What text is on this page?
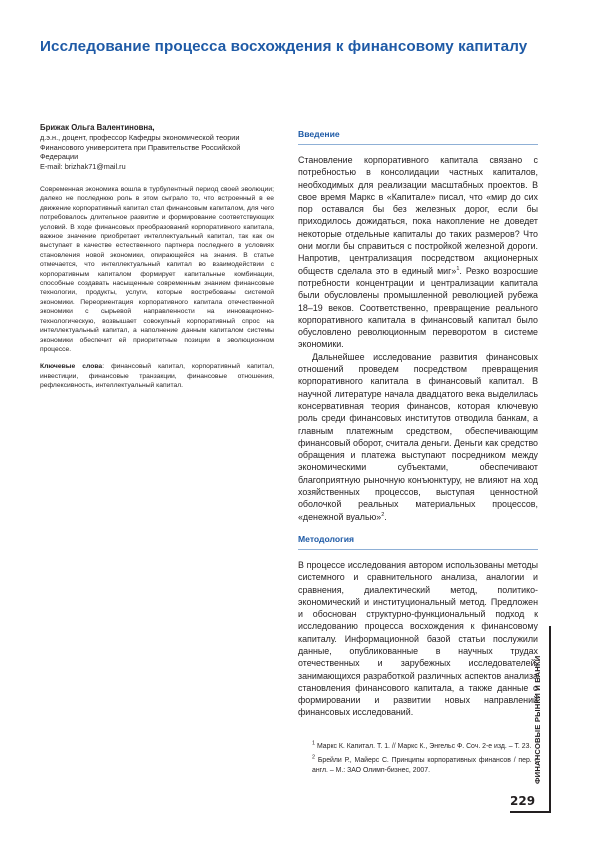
Исследование процесса восхождения к финансовому капиталу
Брижак Ольга Валентиновна,
д.э.н., доцент, профессор Кафедры экономической теории
Финансового университета при Правительстве Российской
Федерации
E-mail: brizhak71@mail.ru

Современная экономика вошла в турбулентный период своей эволюции; далеко не последнюю роль в этом сыграло то, что встроенный в ее движение корпоративный капитал стал финансовым капиталом, для чего потребовалось длительное развитие и формирование соответствующих условий. В ходе финансовых преобразований корпоративного капитала, важное значение приобретает интеллектуальный капитал, так как он выступает в качестве естественного партнера последнего в условиях становления новой экономики, опирающейся на знания. В статье отмечается, что интеллектуальный капитал во взаимодействии с корпоративным капиталом формирует капитальные комбинации, способные создавать насыщенные современным знанием финансовые технологии, продукты, услуги, которые востребованы системой экономики. Переориентация корпоративного капитала отечественной экономики с сырьевой направленности на инновационно-технологическую, возвышает совокупный корпоративный спрос на интеллектуальный капитал, а наполнение данным капиталом системы экономики обеспечит ей приоритетные позиции в эволюционном процессе.

Ключевые слова: финансовый капитал, корпоративный капитал, инвестиции, финансовые транзакции, финансовые отношения, рефлексивность, интеллектуальный капитал.
Введение

Становление корпоративного капитала связано с потребностью в консолидации частных капиталов, необходимых для реализации масштабных проектов. В свое время Маркс в «Капитале» писал, что «мир до сих пор оставался бы без железных дорог, если бы приходилось дожидаться, пока накопление не доведет некоторые отдельные капиталы до таких размеров? Что они могли бы справиться с постройкой железной дороги. Напротив, централизация посредством акционерных обществ сделала это в единый миг»$^1$. Резко возросшие потребности концентрации и централизации капитала были обусловлены промышленной революцией рубежа 18–19 веков. Соответственно, превращение реального корпоративного капитала в финансовый капитал было обусловлено революционным переворотом в системе экономики.

Дальнейшее исследование развития финансовых отношений проведем посредством превращения корпоративного капитала в финансовый капитал. В научной литературе начала двадцатого века выделилась консервативная теория финансов, которая ключевую роль среди финансовых институтов отводила банкам, а главным платежным средством, обеспечивающим финансовый оборот, считала деньги. Деньги как средство обращения и платежа выступают посредником между экономическими субъектами, обеспечивают благоприятную рыночную конъюнктуру, не влияют на ход хозяйственных процессов, выступая ценностной оболочкой реальных материальных процессов, «денежной вуалью»$^2$.

Методология

В процессе исследования автором использованы методы системного и сравнительного анализа, аналогии и сравнения, диалектический метод, политико-экономический и институциональный метод. Предложен и обоснован структурно-функциональный подход к исследованию процесса восхождения к финансовому капиталу. Информационной базой статьи послужили данные, опубликованные в научных трудах отечественных и зарубежных исследователей, занимающихся разработкой различных аспектов анализа становления финансового капитала, а также данные о формировании и развитии новых направлений финансовых исследований.

$^1$ Маркс К. Капитал. Т. 1. // Маркс К., Энгельс Ф. Соч. 2-е изд. – Т. 23.

$^2$ Брейли Р., Майерс С. Принципы корпоративных финансов / пер. с англ. – М.: ЗАО Олимп-бизнес, 2007.	ФИНАНСОВЫЕ РЫНКИ И БАНКИ
229
